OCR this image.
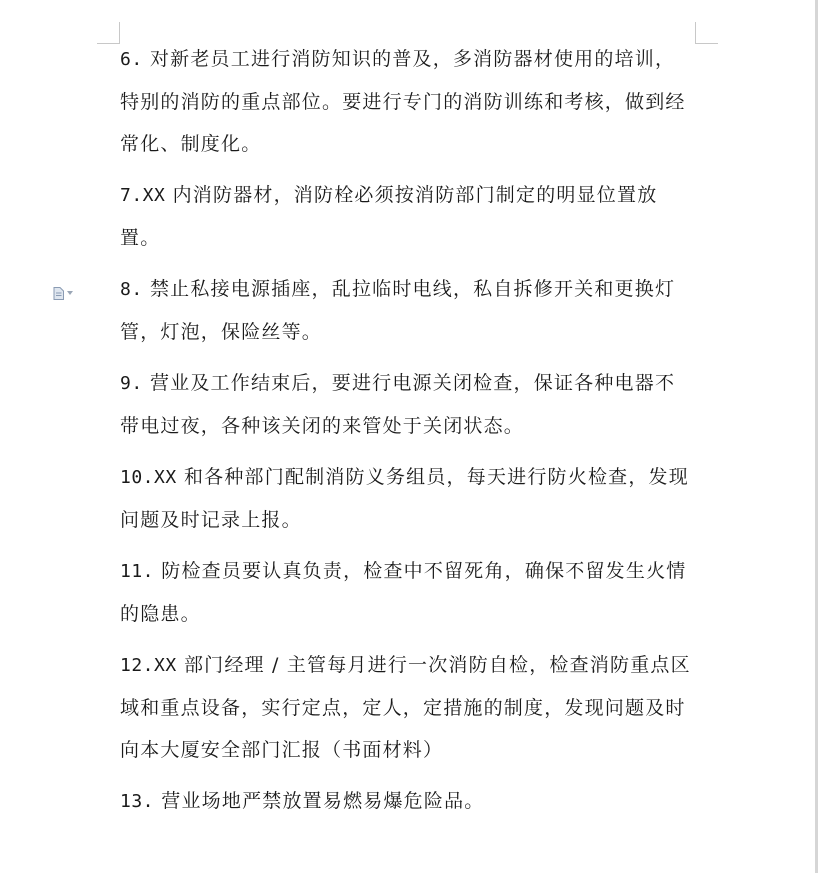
6. 对新老员工进行消防知识的普及，多消防器材使用的培训，特别的消防的重点部位。要进行专门的消防训练和考核，做到经常化、制度化。

7.XX 内消防器材，消防栓必须按消防部门制定的明显位置放置。

8. 禁止私接电源插座，乱拉临时电线，私自拆修开关和更换灯管，灯泡，保险丝等。

9. 营业及工作结束后，要进行电源关闭检查，保证各种电器不带电过夜，各种该关闭的来管处于关闭状态。

10.XX 和各种部门配制消防义务组员，每天进行防火检查，发现问题及时记录上报。

11. 防检查员要认真负责，检查中不留死角，确保不留发生火情的隐患。

12.XX 部门经理 / 主管每月进行一次消防自检，检查消防重点区域和重点设备，实行定点，定人，定措施的制度，发现问题及时向本大厦安全部门汇报（书面材料）

13. 营业场地严禁放置易燃易爆危险品。
